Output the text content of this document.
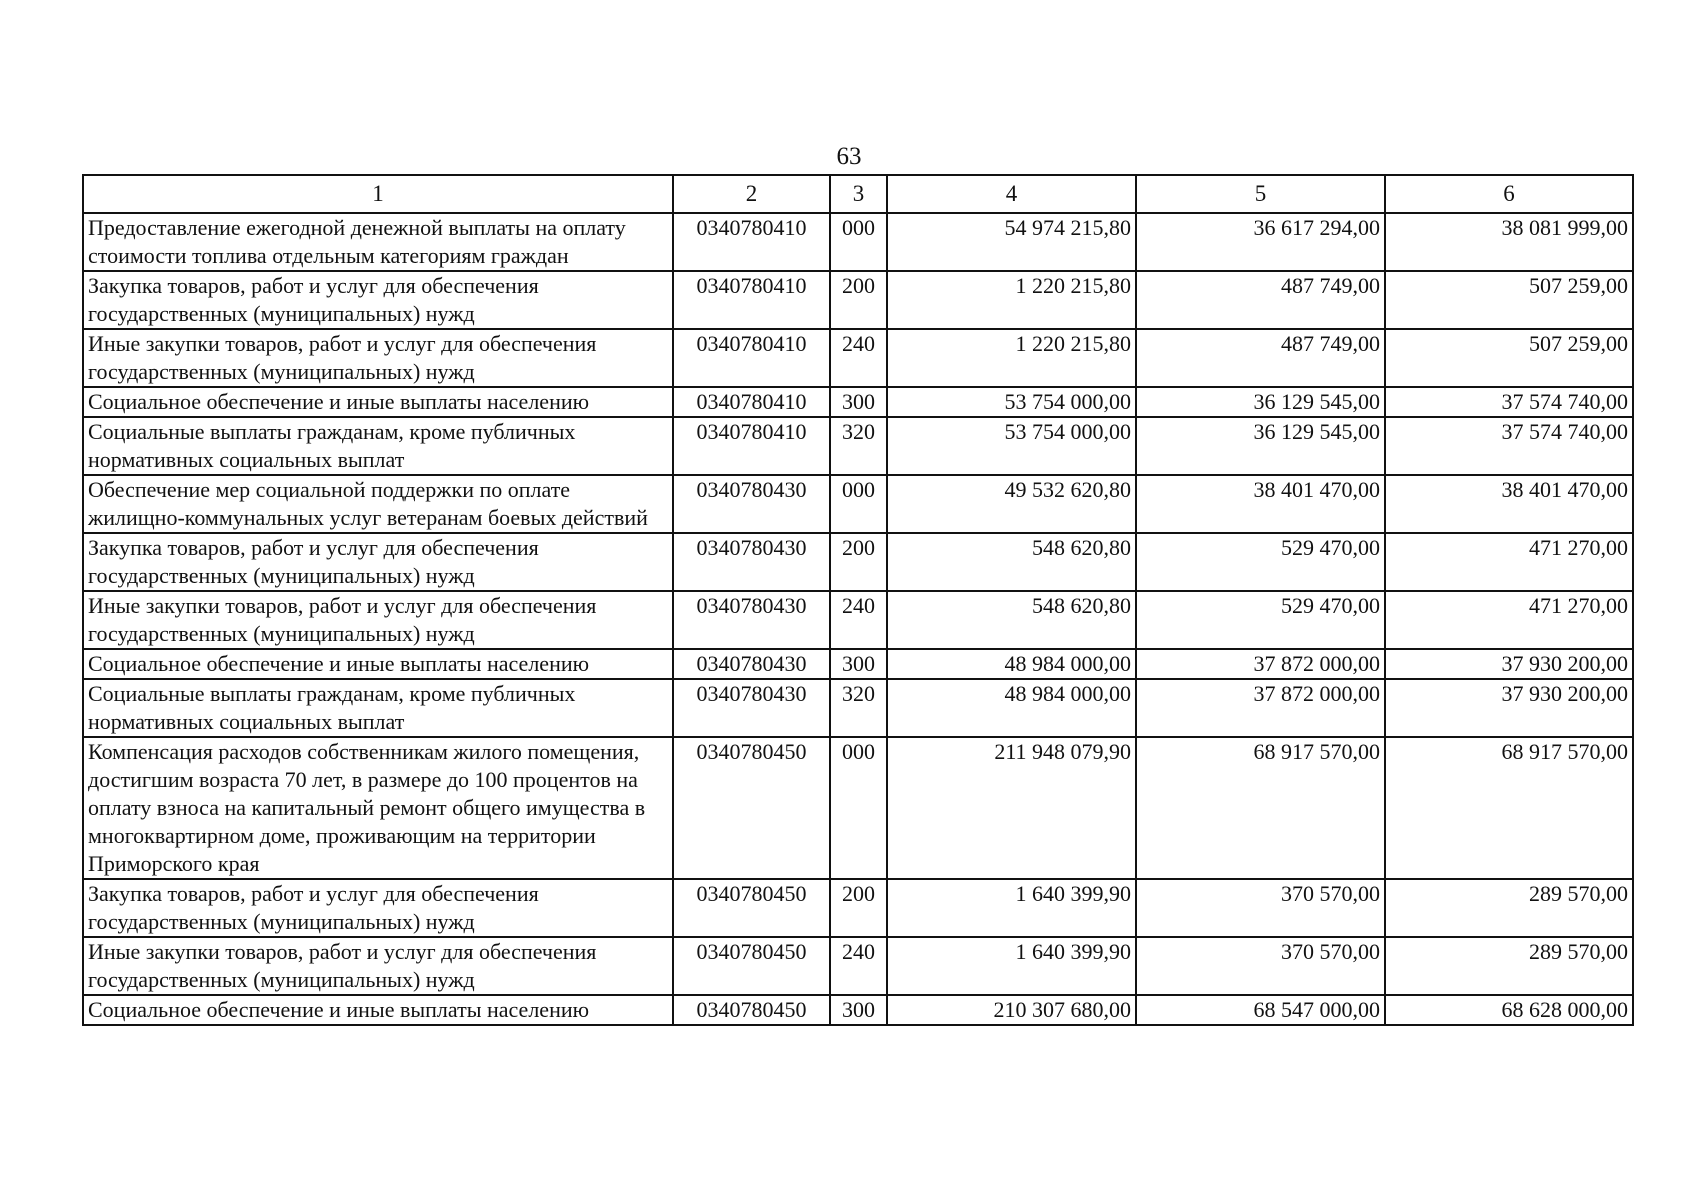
63
1	2	3	4	5	6
Предоставление ежегодной денежной выплаты на оплату стоимости топлива отдельным категориям граждан	0340780410	000	54 974 215,80	36 617 294,00	38 081 999,00
Закупка товаров, работ и услуг для обеспечения государственных (муниципальных) нужд	0340780410	200	1 220 215,80	487 749,00	507 259,00
Иные закупки товаров, работ и услуг для обеспечения государственных (муниципальных) нужд	0340780410	240	1 220 215,80	487 749,00	507 259,00
Социальное обеспечение и иные выплаты населению	0340780410	300	53 754 000,00	36 129 545,00	37 574 740,00
Социальные выплаты гражданам, кроме публичных нормативных социальных выплат	0340780410	320	53 754 000,00	36 129 545,00	37 574 740,00
Обеспечение мер социальной поддержки по оплате жилищно-коммунальных услуг ветеранам боевых действий	0340780430	000	49 532 620,80	38 401 470,00	38 401 470,00
Закупка товаров, работ и услуг для обеспечения государственных (муниципальных) нужд	0340780430	200	548 620,80	529 470,00	471 270,00
Иные закупки товаров, работ и услуг для обеспечения государственных (муниципальных) нужд	0340780430	240	548 620,80	529 470,00	471 270,00
Социальное обеспечение и иные выплаты населению	0340780430	300	48 984 000,00	37 872 000,00	37 930 200,00
Социальные выплаты гражданам, кроме публичных нормативных социальных выплат	0340780430	320	48 984 000,00	37 872 000,00	37 930 200,00
Компенсация расходов собственникам жилого помещения, достигшим возраста 70 лет, в размере до 100 процентов на оплату взноса на капитальный ремонт общего имущества в многоквартирном доме, проживающим на территории Приморского края	0340780450	000	211 948 079,90	68 917 570,00	68 917 570,00
Закупка товаров, работ и услуг для обеспечения государственных (муниципальных) нужд	0340780450	200	1 640 399,90	370 570,00	289 570,00
Иные закупки товаров, работ и услуг для обеспечения государственных (муниципальных) нужд	0340780450	240	1 640 399,90	370 570,00	289 570,00
Социальное обеспечение и иные выплаты населению	0340780450	300	210 307 680,00	68 547 000,00	68 628 000,00
